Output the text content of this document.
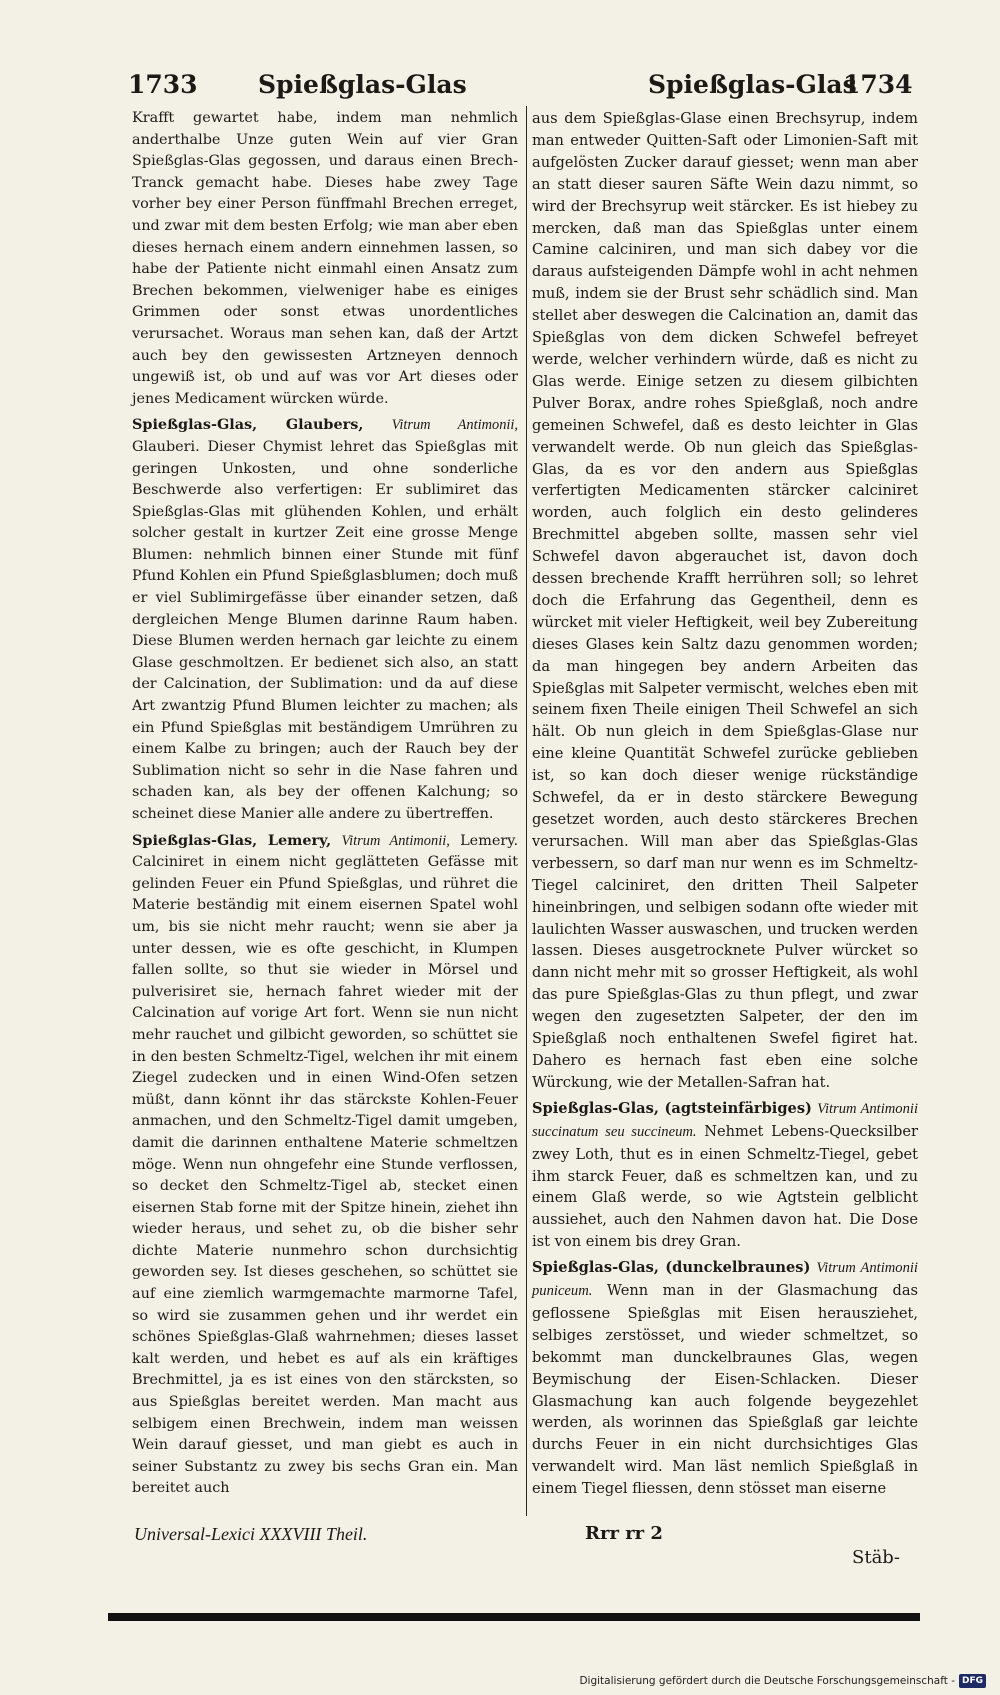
1733 Spießglas-Glas	Spießglas-Glas
1734

Krafft gewartet habe, indem man nehmlich anderthalbe Unze guten Wein auf vier Gran Spießglas-Glas gegossen, und daraus einen Brech-Tranck gemacht habe. Dieses habe zwey Tage vorher bey einer Person fünffmahl Brechen erreget, und zwar mit dem besten Erfolg; wie man aber eben dieses hernach einem andern einnehmen lassen, so habe der Patiente nicht einmahl einen Ansatz zum Brechen bekommen, vielweniger habe es einiges Grimmen oder sonst etwas unordentliches verursachet. Woraus man sehen kan, daß der Artzt auch bey den gewissesten Artzneyen dennoch ungewiß ist, ob und auf was vor Art dieses oder jenes Medicament würcken würde.

Spießglas-Glas, Glaubers, Vitrum Antimonii, Glauberi. Dieser Chymist lehret das Spießglas mit geringen Unkosten, und ohne sonderliche Beschwerde also verfertigen: Er sublimiret das Spießglas-Glas mit glühenden Kohlen, und erhält solcher gestalt in kurtzer Zeit eine grosse Menge Blumen: nehmlich binnen einer Stunde mit fünf Pfund Kohlen ein Pfund Spießglasblumen; doch muß er viel Sublimirgefässe über einander setzen, daß dergleichen Menge Blumen darinne Raum haben. Diese Blumen werden hernach gar leichte zu einem Glase geschmoltzen. Er bedienet sich also, an statt der Calcination, der Sublimation: und da auf diese Art zwantzig Pfund Blumen leichter zu machen; als ein Pfund Spießglas mit beständigem Umrühren zu einem Kalbe zu bringen; auch der Rauch bey der Sublimation nicht so sehr in die Nase fahren und schaden kan, als bey der offenen Kalchung; so scheinet diese Manier alle andere zu übertreffen.

Spießglas-Glas, Lemery, Vitrum Antimonii, Lemery. Calciniret in einem nicht geglätteten Gefässe mit gelinden Feuer ein Pfund Spießglas, und rühret die Materie beständig mit einem eisernen Spatel wohl um, bis sie nicht mehr raucht; wenn sie aber ja unter dessen, wie es ofte geschicht, in Klumpen fallen sollte, so thut sie wieder in Mörsel und pulverisiret sie, hernach fahret wieder mit der Calcination auf vorige Art fort. Wenn sie nun nicht mehr rauchet und gilbicht geworden, so schüttet sie in den besten Schmeltz-Tigel, welchen ihr mit einem Ziegel zudecken und in einen Wind-Ofen setzen müßt, dann könnt ihr das stärckste Kohlen-Feuer anmachen, und den Schmeltz-Tigel damit umgeben, damit die darinnen enthaltene Materie schmeltzen möge. Wenn nun ohngefehr eine Stunde verflossen, so decket den Schmeltz-Tigel ab, stecket einen eisernen Stab forne mit der Spitze hinein, ziehet ihn wieder heraus, und sehet zu, ob die bisher sehr dichte Materie nunmehro schon durchsichtig geworden sey. Ist dieses geschehen, so schüttet sie auf eine ziemlich warmgemachte marmorne Tafel, so wird sie zusammen gehen und ihr werdet ein schönes Spießglas-Glaß wahrnehmen; dieses lasset kalt werden, und hebet es auf als ein kräftiges Brechmittel, ja es ist eines von den stärcksten, so aus Spießglas bereitet werden. Man macht aus selbigem einen Brechwein, indem man weissen Wein darauf giesset, und man giebt es auch in seiner Substantz zu zwey bis sechs Gran ein. Man bereitet auch

aus dem Spießglas-Glase einen Brechsyrup, indem man entweder Quitten-Saft oder Limonien-Saft mit aufgelösten Zucker darauf giesset; wenn man aber an statt dieser sauren Säfte Wein dazu nimmt, so wird der Brechsyrup weit stärcker. Es ist hiebey zu mercken, daß man das Spießglas unter einem Camine calciniren, und man sich dabey vor die daraus aufsteigenden Dämpfe wohl in acht nehmen muß, indem sie der Brust sehr schädlich sind. Man stellet aber deswegen die Calcination an, damit das Spießglas von dem dicken Schwefel befreyet werde, welcher verhindern würde, daß es nicht zu Glas werde. Einige setzen zu diesem gilbichten Pulver Borax, andre rohes Spießglaß, noch andre gemeinen Schwefel, daß es desto leichter in Glas verwandelt werde. Ob nun gleich das Spießglas-Glas, da es vor den andern aus Spießglas verfertigten Medicamenten stärcker calciniret worden, auch folglich ein desto gelinderes Brechmittel abgeben sollte, massen sehr viel Schwefel davon abgerauchet ist, davon doch dessen brechende Krafft herrühren soll; so lehret doch die Erfahrung das Gegentheil, denn es würcket mit vieler Heftigkeit, weil bey Zubereitung dieses Glases kein Saltz dazu genommen worden; da man hingegen bey andern Arbeiten das Spießglas mit Salpeter vermischt, welches eben mit seinem fixen Theile einigen Theil Schwefel an sich hält. Ob nun gleich in dem Spießglas-Glase nur eine kleine Quantität Schwefel zurücke geblieben ist, so kan doch dieser wenige rückständige Schwefel, da er in desto stärckere Bewegung gesetzet worden, auch desto stärckeres Brechen verursachen. Will man aber das Spießglas-Glas verbessern, so darf man nur wenn es im Schmeltz-Tiegel calciniret, den dritten Theil Salpeter hineinbringen, und selbigen sodann ofte wieder mit laulichten Wasser auswaschen, und trucken werden lassen. Dieses ausgetrocknete Pulver würcket so dann nicht mehr mit so grosser Heftigkeit, als wohl das pure Spießglas-Glas zu thun pflegt, und zwar wegen den zugesetzten Salpeter, der den im Spießglaß noch enthaltenen Swefel figiret hat. Dahero es hernach fast eben eine solche Würckung, wie der Metallen-Safran hat.

Spießglas-Glas, (agtsteinfärbiges) Vitrum Antimonii succinatum seu succineum. Nehmet Lebens-Quecksilber zwey Loth, thut es in einen Schmeltz-Tiegel, gebet ihm starck Feuer, daß es schmeltzen kan, und zu einem Glaß werde, so wie Agtstein gelblicht aussiehet, auch den Nahmen davon hat. Die Dose ist von einem bis drey Gran.

Spießglas-Glas, (dunckelbraunes) Vitrum Antimonii puniceum. Wenn man in der Glasmachung das geflossene Spießglas mit Eisen herausziehet, selbiges zerstösset, und wieder schmeltzet, so bekommt man dunckelbraunes Glas, wegen Beymischung der Eisen-Schlacken. Dieser Glasmachung kan auch folgende beygezehlet werden, als worinnen das Spießglaß gar leichte durchs Feuer in ein nicht durchsichtiges Glas verwandelt wird. Man läst nemlich Spießglaß in einem Tiegel fliessen, denn stösset man eiserne

Universal-Lexici XXXVIII Theil.	Rrr rr 2
Stäb-
Digitalisierung gefördert durch die Deutsche Forschungsgemeinschaft - DFG
